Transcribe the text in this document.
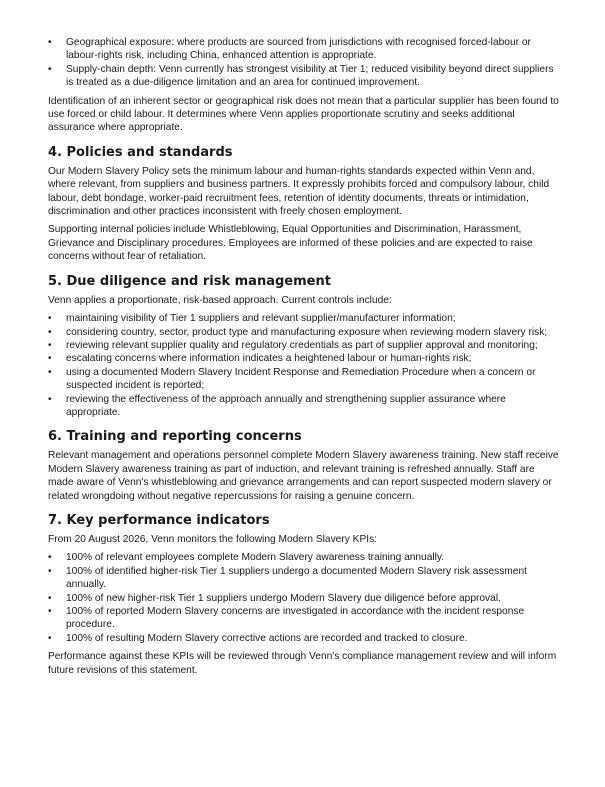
• Geographical exposure: where products are sourced from jurisdictions with recognised forced-labour or labour-rights risk, including China, enhanced attention is appropriate.
• Supply-chain depth: Venn currently has strongest visibility at Tier 1; reduced visibility beyond direct suppliers is treated as a due-diligence limitation and an area for continued improvement.

Identification of an inherent sector or geographical risk does not mean that a particular supplier has been found to use forced or child labour. It determines where Venn applies proportionate scrutiny and seeks additional assurance where appropriate.

4. Policies and standards

Our Modern Slavery Policy sets the minimum labour and human-rights standards expected within Venn and, where relevant, from suppliers and business partners. It expressly prohibits forced and compulsory labour, child labour, debt bondage, worker-paid recruitment fees, retention of identity documents, threats or intimidation, discrimination and other practices inconsistent with freely chosen employment.

Supporting internal policies include Whistleblowing, Equal Opportunities and Discrimination, Harassment, Grievance and Disciplinary procedures. Employees are informed of these policies and are expected to raise concerns without fear of retaliation.

5. Due diligence and risk management

Venn applies a proportionate, risk-based approach. Current controls include:

• maintaining visibility of Tier 1 suppliers and relevant supplier/manufacturer information;
• considering country, sector, product type and manufacturing exposure when reviewing modern slavery risk;
• reviewing relevant supplier quality and regulatory credentials as part of supplier approval and monitoring;
• escalating concerns where information indicates a heightened labour or human-rights risk;
• using a documented Modern Slavery Incident Response and Remediation Procedure when a concern or suspected incident is reported;
• reviewing the effectiveness of the approach annually and strengthening supplier assurance where appropriate.
6. Training and reporting concerns

Relevant management and operations personnel complete Modern Slavery awareness training. New staff receive Modern Slavery awareness training as part of induction, and relevant training is refreshed annually. Staff are made aware of Venn's whistleblowing and grievance arrangements and can report suspected modern slavery or related wrongdoing without negative repercussions for raising a genuine concern.

7. Key performance indicators

From 20 August 2026, Venn monitors the following Modern Slavery KPIs:

• 100% of relevant employees complete Modern Slavery awareness training annually.
• 100% of identified higher-risk Tier 1 suppliers undergo a documented Modern Slavery risk assessment annually.
• 100% of new higher-risk Tier 1 suppliers undergo Modern Slavery due diligence before approval.
• 100% of reported Modern Slavery concerns are investigated in accordance with the incident response procedure.
• 100% of resulting Modern Slavery corrective actions are recorded and tracked to closure.

Performance against these KPIs will be reviewed through Venn's compliance management review and will inform future revisions of this statement.
